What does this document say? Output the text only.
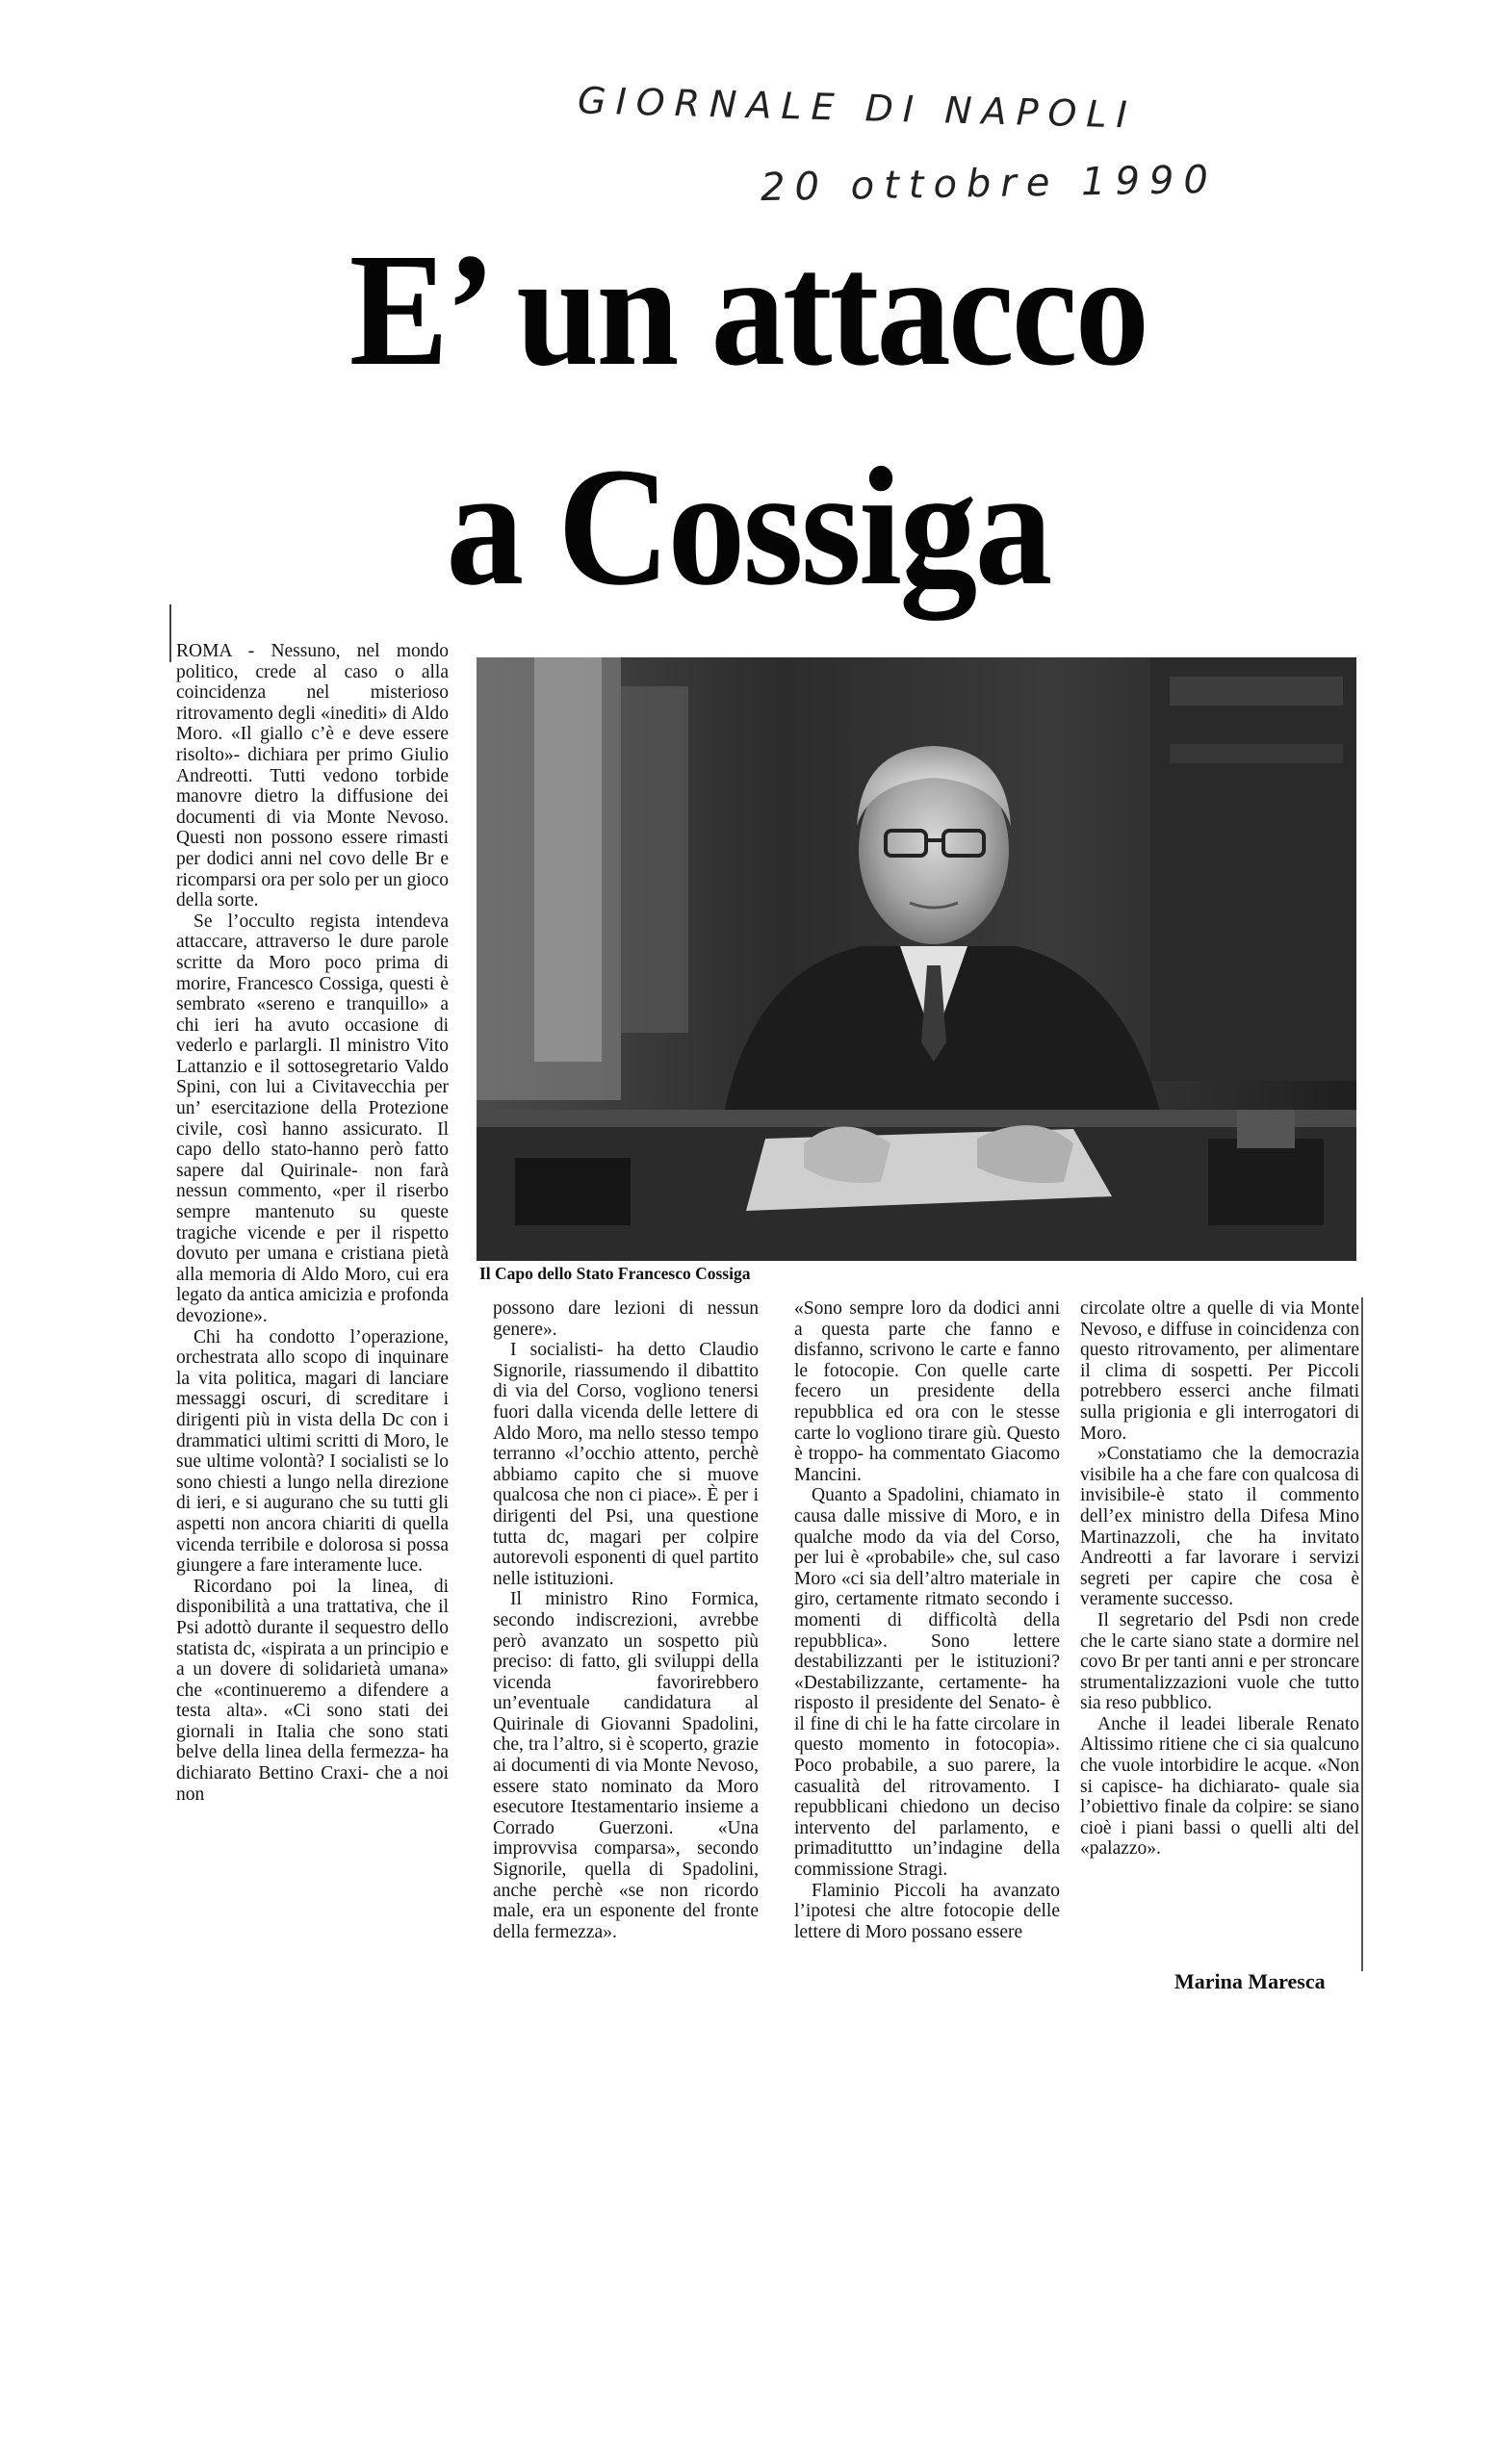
GIORNALE DI NAPOLI
20 ottobre 1990
E’ un attacco
a Cossiga

ROMA - Nessuno, nel mondo politico, crede al caso o alla coincidenza nel misterioso ritrovamento degli «inediti» di Aldo Moro. «Il giallo c’è e deve essere risolto»- dichiara per primo Giulio Andreotti. Tutti vedono torbide manovre dietro la diffusione dei documenti di via Monte Nevoso. Questi non possono essere rimasti per dodici anni nel covo delle Br e ricomparsi ora per solo per un gioco della sorte.

Se l’occulto regista intendeva attaccare, attraverso le dure parole scritte da Moro poco prima di morire, Francesco Cossiga, questi è sembrato «sereno e tranquillo» a chi ieri ha avuto occasione di vederlo e parlargli. Il ministro Vito Lattanzio e il sottosegretario Valdo Spini, con lui a Civitavecchia per un’ esercitazione della Protezione civile, così hanno assicurato. Il capo dello stato-hanno però fatto sapere dal Quirinale- non farà nessun commento, «per il riserbo sempre mantenuto su queste tragiche vicende e per il rispetto dovuto per umana e cristiana pietà alla memoria di Aldo Moro, cui era legato da antica amicizia e profonda devozione».

Chi ha condotto l’operazione, orchestrata allo scopo di inquinare la vita politica, magari di lanciare messaggi oscuri, di screditare i dirigenti più in vista della Dc con i drammatici ultimi scritti di Moro, le sue ultime volontà? I socialisti se lo sono chiesti a lungo nella direzione di ieri, e si augurano che su tutti gli aspetti non ancora chiariti di quella vicenda terribile e dolorosa si possa giungere a fare interamente luce.

Ricordano poi la linea, di disponibilità a una trattativa, che il Psi adottò durante il sequestro dello statista dc, «ispirata a un principio e a un dovere di solidarietà umana» che «continueremo a difendere a testa alta». «Ci sono stati dei giornali in Italia che sono stati belve della linea della fermezza- ha dichiarato Bettino Craxi- che a noi non

Il Capo dello Stato Francesco Cossiga

possono dare lezioni di nessun genere».

I socialisti- ha detto Claudio Signorile, riassumendo il dibattito di via del Corso, vogliono tenersi fuori dalla vicenda delle lettere di Aldo Moro, ma nello stesso tempo terranno «l’occhio attento, perchè abbiamo capito che si muove qualcosa che non ci piace». È per i dirigenti del Psi, una questione tutta dc, magari per colpire autorevoli esponenti di quel partito nelle istituzioni.

Il ministro Rino Formica, secondo indiscrezioni, avrebbe però avanzato un sospetto più preciso: di fatto, gli sviluppi della vicenda favorirebbero un’eventuale candidatura al Quirinale di Giovanni Spadolini, che, tra l’altro, si è scoperto, grazie ai documenti di via Monte Nevoso, essere stato nominato da Moro esecutore Itestamentario insieme a Corrado Guerzoni. «Una improvvisa comparsa», secondo Signorile, quella di Spadolini, anche perchè «se non ricordo male, era un esponente del fronte della fermezza».

«Sono sempre loro da dodici anni a questa parte che fanno e disfanno, scrivono le carte e fanno le fotocopie. Con quelle carte fecero un presidente della repubblica ed ora con le stesse carte lo vogliono tirare giù. Questo è troppo- ha commentato Giacomo Mancini.

Quanto a Spadolini, chiamato in causa dalle missive di Moro, e in qualche modo da via del Corso, per lui è «probabile» che, sul caso Moro «ci sia dell’altro materiale in giro, certamente ritmato secondo i momenti di difficoltà della repubblica». Sono lettere destabilizzanti per le istituzioni? «Destabilizzante, certamente- ha risposto il presidente del Senato- è il fine di chi le ha fatte circolare in questo momento in fotocopia». Poco probabile, a suo parere, la casualità del ritrovamento. I repubblicani chiedono un deciso intervento del parlamento, e primadituttto un’indagine della commissione Stragi.

Flaminio Piccoli ha avanzato l’ipotesi che altre fotocopie delle lettere di Moro possano essere

circolate oltre a quelle di via Monte Nevoso, e diffuse in coincidenza con questo ritrovamento, per alimentare il clima di sospetti. Per Piccoli potrebbero esserci anche filmati sulla prigionia e gli interrogatori di Moro.

»Constatiamo che la democrazia visibile ha a che fare con qualcosa di invisibile-è stato il commento dell’ex ministro della Difesa Mino Martinazzoli, che ha invitato Andreotti a far lavorare i servizi segreti per capire che cosa è veramente successo.

Il segretario del Psdi non crede che le carte siano state a dormire nel covo Br per tanti anni e per stroncare strumentalizzazioni vuole che tutto sia reso pubblico.

Anche il leadei liberale Renato Altissimo ritiene che ci sia qualcuno che vuole intorbidire le acque. «Non si capisce- ha dichiarato- quale sia l’obiettivo finale da colpire: se siano cioè i piani bassi o quelli alti del «palazzo».

Marina Maresca
